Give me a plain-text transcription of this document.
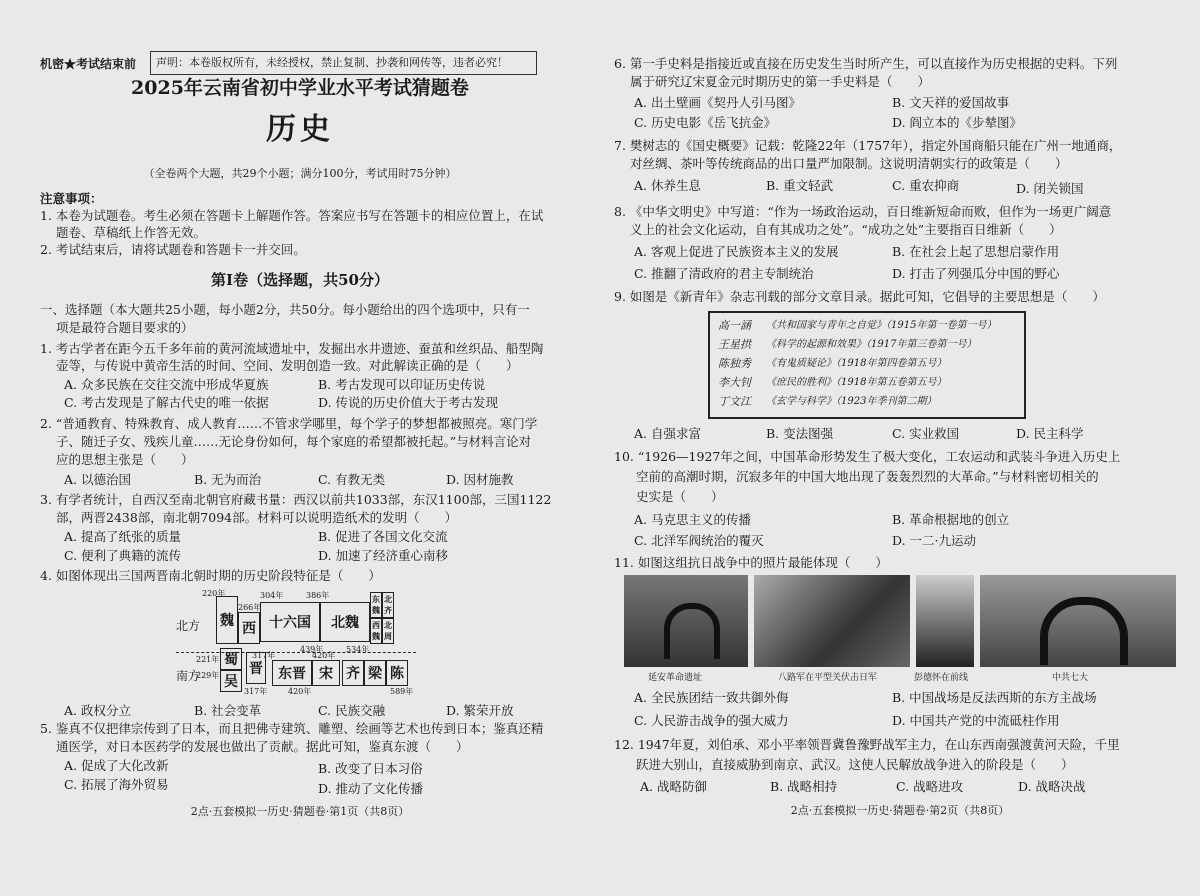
机密★考试结束前 声明：本卷版权所有，未经授权，禁止复制、抄袭和网传等，违者必究！
2025年云南省初中学业水平考试猜题卷
历史
（全卷两个大题，共29个小题；满分100分，考试用时75分钟）
注意事项：
1. 本卷为试题卷。考生必须在答题卡上解题作答。答案应书写在答题卡的相应位置上，在试
题卷、草稿纸上作答无效。
2. 考试结束后，请将试题卷和答题卡一并交回。
第Ⅰ卷（选择题，共50分）
一、选择题（本大题共25小题，每小题2分，共50分。每小题给出的四个选项中，只有一
项是最符合题目要求的）
1. 考古学者在距今五千多年前的黄河流域遗址中，发掘出水井遗迹、蚕茧和丝织品、船型陶
壶等，与传说中黄帝生活的时间、空间、发明创造一致。对此解读正确的是（　　）
A. 众多民族在交往交流中形成华夏族	B. 考古发现可以印证历史传说
C. 考古发现是了解古代史的唯一依据	D. 传说的历史价值大于考古发现
2. “普通教育、特殊教育、成人教育……不管求学哪里，每个学子的梦想都被照亮。寒门学
子、随迁子女、残疾儿童……无论身份如何，每个家庭的希望都被托起。”与材料言论对
应的思想主张是（　　）
A. 以德治国	B. 无为而治	C. 有教无类	D. 因材施教
3. 有学者统计，自西汉至南北朝官府藏书量：西汉以前共1033部，东汉1100部，三国1122
部，两晋2438部，南北朝7094部。材料可以说明造纸术的发明（　　）
A. 提高了纸张的质量	B. 促进了各国文化交流
C. 便利了典籍的流传	D. 加速了经济重心南移
4. 如图体现出三国两晋南北朝时期的历史阶段特征是（　　）
北方
南方
魏 西 十六国	北魏
东魏
北齐
西魏
北周
蜀
吴
晋	东晋 宋 齐 梁 陈
220年
266年
304年	386年
439年	534年
221年
229年
317年
317年
420年
420年	589年
A. 政权分立	B. 社会变革	C. 民族交融	D. 繁荣开放
5. 鉴真不仅把律宗传到了日本，而且把佛寺建筑、雕塑、绘画等艺术也传到日本；鉴真还精
通医学，对日本医药学的发展也做出了贡献。据此可知，鉴真东渡（　　）
A. 促成了大化改新	B. 改变了日本习俗
C. 拓展了海外贸易	D. 推动了文化传播
2点·五套模拟一历史·猜题卷·第1页（共8页）
6. 第一手史料是指接近或直接在历史发生当时所产生，可以直接作为历史根据的史料。下列
属于研究辽宋夏金元时期历史的第一手史料是（　　）
A. 出土壁画《契丹人引马图》	B. 文天祥的爱国故事
C. 历史电影《岳飞抗金》	D. 阎立本的《步辇图》
7. 樊树志的《国史概要》记载：乾隆22年（1757年），指定外国商船只能在广州一地通商，
对丝绸、茶叶等传统商品的出口量严加限制。这说明清朝实行的政策是（　　）
A. 休养生息	B. 重文轻武	C. 重农抑商	D. 闭关锁国
8. 《中华文明史》中写道：“作为一场政治运动，百日维新短命而败，但作为一场更广阔意
义上的社会文化运动，自有其成功之处”。“成功之处”主要指百日维新（　　）
A. 客观上促进了民族资本主义的发展	B. 在社会上起了思想启蒙作用
C. 推翻了清政府的君主专制统治	D. 打击了列强瓜分中国的野心
9. 如图是《新青年》杂志刊载的部分文章目录。据此可知，它倡导的主要思想是（　　）
高一涵 《共和国家与青年之自觉》（1915年第一卷第一号）
王星拱 《科学的起源和效果》（1917年第三卷第一号）
陈独秀 《有鬼质疑论》（1918年第四卷第五号）
李大钊 《庶民的胜利》（1918年第五卷第五号）
丁文江 《玄学与科学》（1923年季刊第二期）
A. 自强求富	B. 变法图强	C. 实业救国	D. 民主科学
10. “1926—1927年之间，中国革命形势发生了极大变化，工农运动和武装斗争进入历史上
空前的高潮时期，沉寂多年的中国大地出现了轰轰烈烈的大革命。”与材料密切相关的
史实是（　　）
A. 马克思主义的传播	B. 革命根据地的创立
C. 北洋军阀统治的覆灭	D. 一二·九运动
11. 如图这组抗日战争中的照片最能体现（　　）
延安革命遗址	八路军在平型关伏击日军	彭德怀在前线	中共七大
A. 全民族团结一致共御外侮	B. 中国战场是反法西斯的东方主战场
C. 人民游击战争的强大威力	D. 中国共产党的中流砥柱作用
12. 1947年夏，刘伯承、邓小平率领晋冀鲁豫野战军主力，在山东西南强渡黄河天险，千里
跃进大别山，直接威胁到南京、武汉。这使人民解放战争进入的阶段是（　　）
A. 战略防御	B. 战略相持	C. 战略进攻	D. 战略决战
2点·五套模拟一历史·猜题卷·第2页（共8页）
